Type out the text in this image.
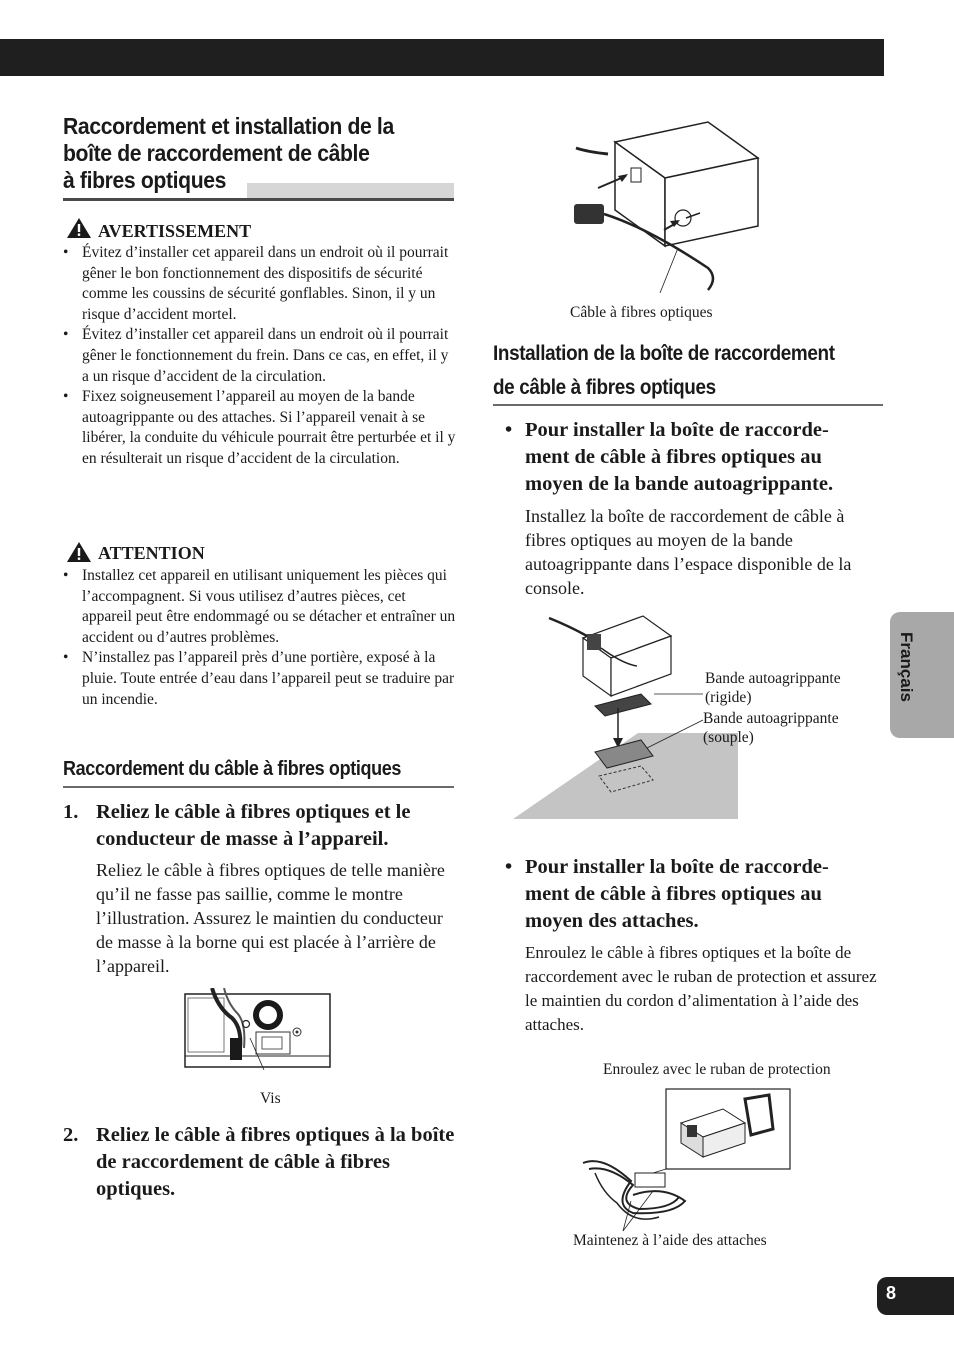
Raccordement et installation de la
boîte de raccordement de câble
à fibres optiques
AVERTISSEMENT
• Évitez d’installer cet appareil dans un endroit où il pourrait gêner le bon fonctionnement des dispositifs de sécurité comme les coussins de sécurité gonflables. Sinon, il y un risque d’accident mortel.
• Évitez d’installer cet appareil dans un endroit où il pourrait gêner le fonctionnement du frein. Dans ce cas, en effet, il y a un risque d’accident de la circulation.
• Fixez soigneusement l’appareil au moyen de la bande autoagrippante ou des attaches. Si l’appareil venait à se libérer, la conduite du véhicule pourrait être perturbée et il y en résulterait un risque d’accident de la circulation.
ATTENTION
• Installez cet appareil en utilisant uniquement les pièces qui l’accompagnent. Si vous utilisez d’autres pièces, cet appareil peut être endommagé ou se détacher et entraîner un accident ou d’autres problèmes.
• N’installez pas l’appareil près d’une portière, exposé à la pluie. Toute entrée d’eau dans l’appareil peut se traduire par un incendie.
Raccordement du câble à fibres optiques
1. Reliez le câble à fibres optiques et le conducteur de masse à l’appareil.
Reliez le câble à fibres optiques de telle manière qu’il ne fasse pas saillie, comme le montre l’illustration. Assurez le maintien du conducteur de masse à la borne qui est placée à l’arrière de l’appareil.
Vis
2. Reliez le câble à fibres optiques à la boîte de raccordement de câble à fibres optiques.
Câble à fibres optiques
Installation de la boîte de raccordement
de câble à fibres optiques
• Pour installer la boîte de raccorde-
ment de câble à fibres optiques au
moyen de la bande autoagrippante.
Installez la boîte de raccordement de câble à fibres optiques au moyen de la bande autoagrippante dans l’espace disponible de la console.
Bande autoagrippante (rigide)
Bande autoagrippante (souple)
• Pour installer la boîte de raccorde-
ment de câble à fibres optiques au
moyen des attaches.
Enroulez le câble à fibres optiques et la boîte de raccordement avec le ruban de protection et assurez le maintien du cordon d’alimentation à l’aide des attaches.
Enroulez avec le ruban de protection
Maintenez à l’aide des attaches
Français
8
